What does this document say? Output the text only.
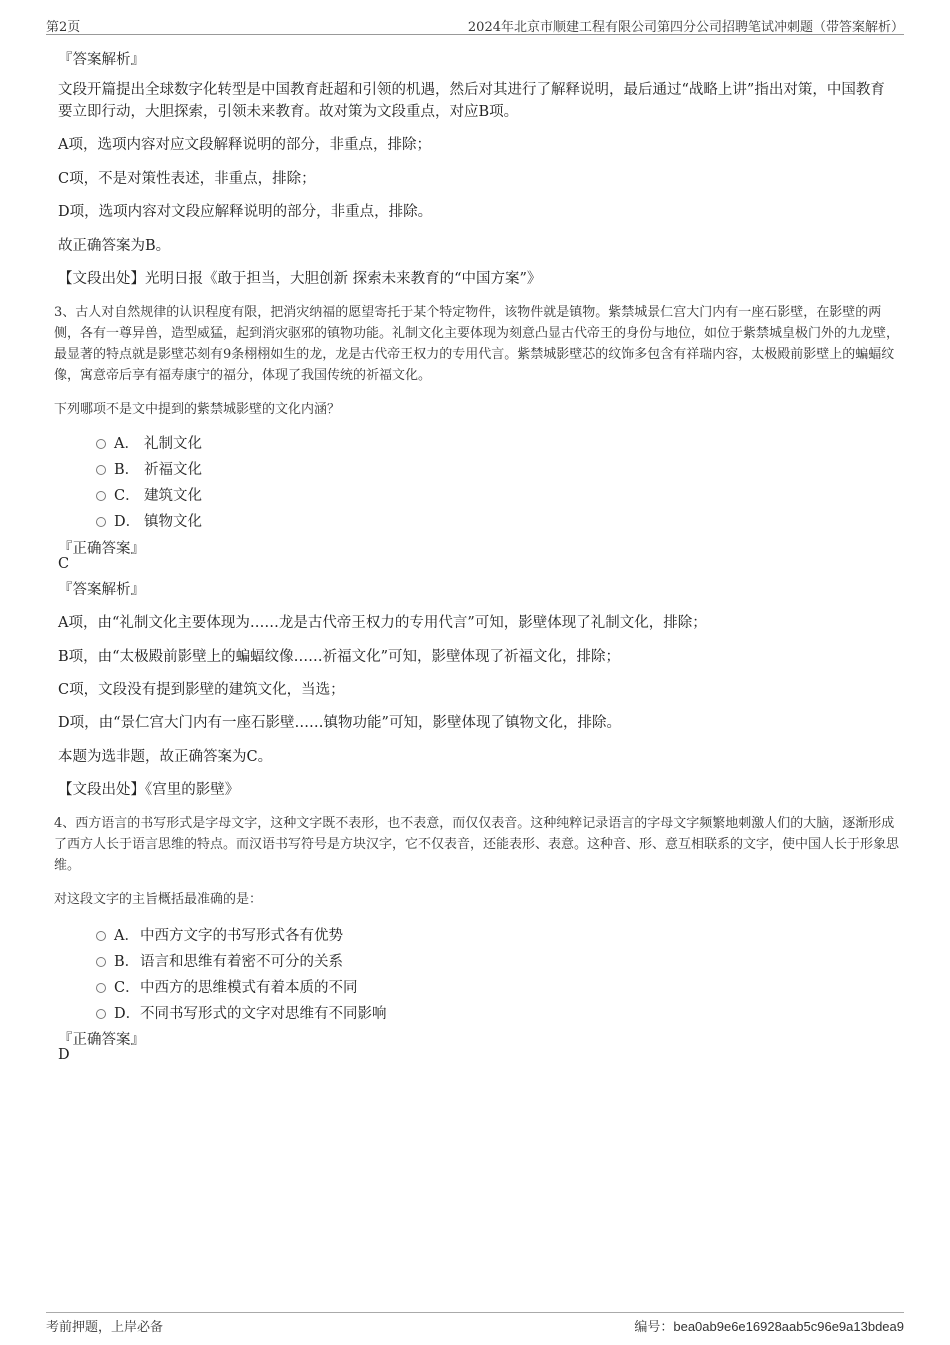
第2页	2024年北京市顺建工程有限公司第四分公司招聘笔试冲刺题（带答案解析）
『答案解析』
文段开篇提出全球数字化转型是中国教育赶超和引领的机遇，然后对其进行了解释说明，最后通过“战略上讲”指出对策，中国教育要立即行动，大胆探索，引领未来教育。故对策为文段重点，对应B项。
A项，选项内容对应文段解释说明的部分，非重点，排除；
C项，不是对策性表述，非重点，排除；
D项，选项内容对文段应解释说明的部分，非重点，排除。
故正确答案为B。
【文段出处】光明日报《敢于担当，大胆创新 探索未来教育的“中国方案”》
3、古人对自然规律的认识程度有限，把消灾纳福的愿望寄托于某个特定物件，该物件就是镇物。紫禁城景仁宫大门内有一座石影壁，在影壁的两侧，各有一尊异兽，造型威猛，起到消灾驱邪的镇物功能。礼制文化主要体现为刻意凸显古代帝王的身份与地位，如位于紫禁城皇极门外的九龙壁，最显著的特点就是影壁芯刻有9条栩栩如生的龙，龙是古代帝王权力的专用代言。紫禁城影壁芯的纹饰多包含有祥瑞内容，太极殿前影壁上的蝙蝠纹像，寓意帝后享有福寿康宁的福分，体现了我国传统的祈福文化。
下列哪项不是文中提到的紫禁城影壁的文化内涵？
A． 礼制文化
B． 祈福文化
C． 建筑文化
D． 镇物文化
『正确答案』
C
『答案解析』
A项，由“礼制文化主要体现为……龙是古代帝王权力的专用代言”可知，影壁体现了礼制文化，排除；
B项，由“太极殿前影壁上的蝙蝠纹像……祈福文化”可知，影壁体现了祈福文化，排除；
C项，文段没有提到影壁的建筑文化，当选；
D项，由“景仁宫大门内有一座石影壁……镇物功能”可知，影壁体现了镇物文化，排除。
本题为选非题，故正确答案为C。
【文段出处】《宫里的影壁》
4、西方语言的书写形式是字母文字，这种文字既不表形，也不表意，而仅仅表音。这种纯粹记录语言的字母文字频繁地刺激人们的大脑，逐渐形成了西方人长于语言思维的特点。而汉语书写符号是方块汉字，它不仅表音，还能表形、表意。这种音、形、意互相联系的文字，使中国人长于形象思维。
对这段文字的主旨概括最准确的是：
A．中西方文字的书写形式各有优势
B．语言和思维有着密不可分的关系
C．中西方的思维模式有着本质的不同
D．不同书写形式的文字对思维有不同影响
『正确答案』
D
考前押题，上岸必备	编号：bea0ab9e6e16928aab5c96e9a13bdea9
